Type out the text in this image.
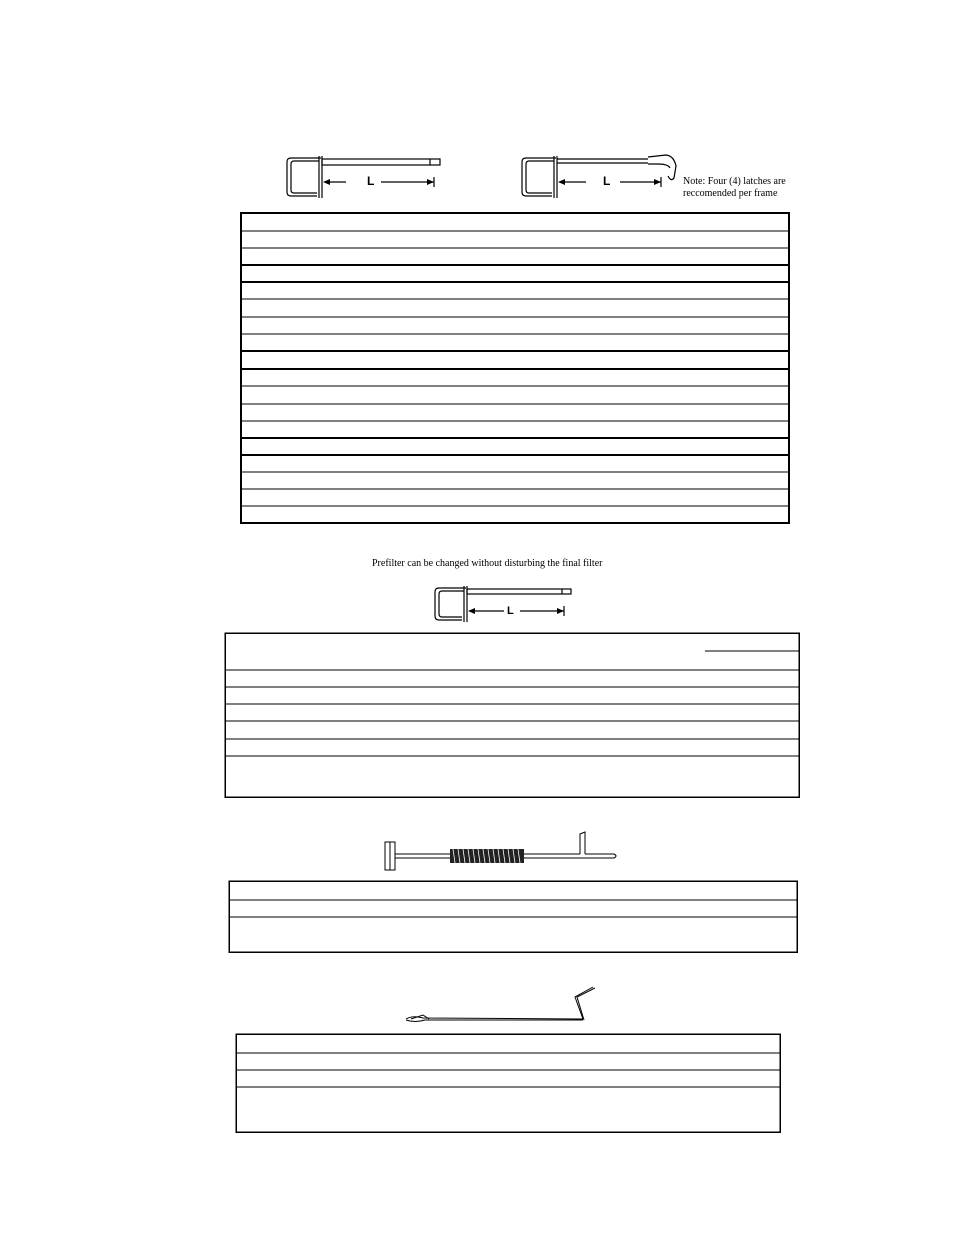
L	L	Note: Four (4) latches are
reccomended per frame
Prefilter can be changed without disturbing the final filter
L
